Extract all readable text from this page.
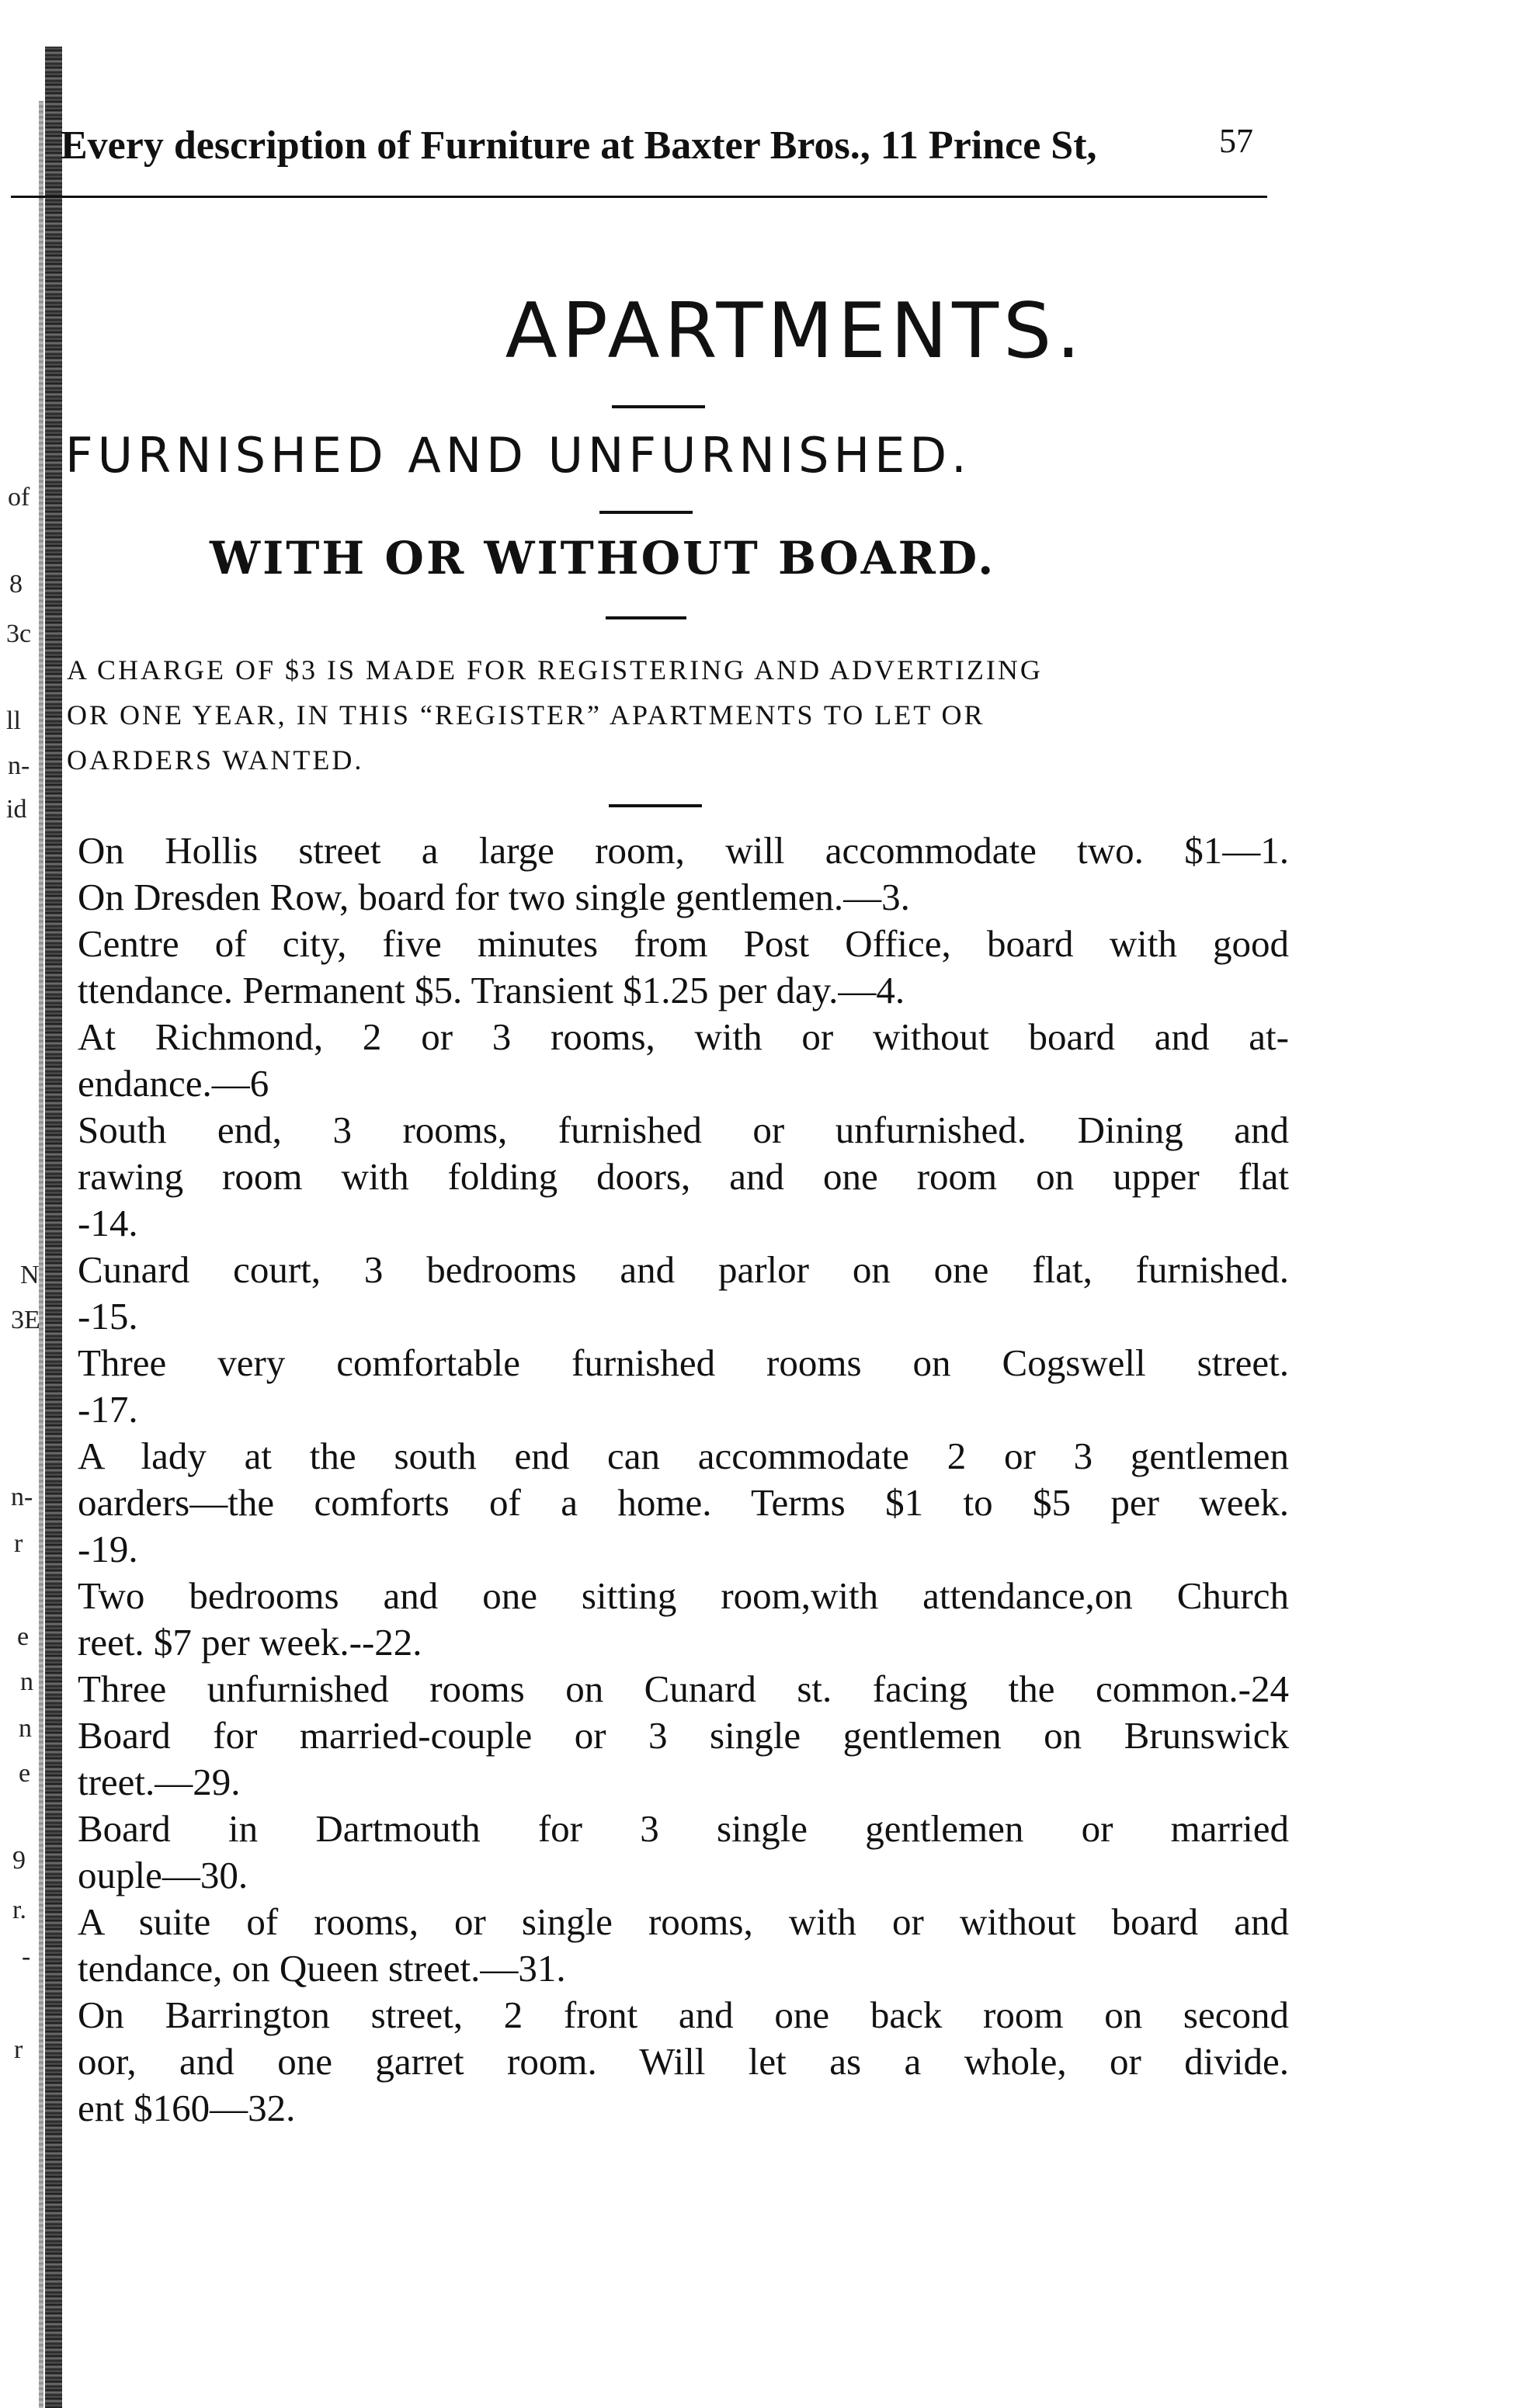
of
8
3c
ll
n-
id
N
3E
n-
r
e
n
n
e
9
r.
-
r
Every description of Furniture at Baxter Bros., 11 Prince St,	57
APARTMENTS.
FURNISHED AND UNFURNISHED.
WITH OR WITHOUT BOARD.
A CHARGE OF $3 IS MADE FOR REGISTERING AND ADVERTIZING
OR ONE YEAR, IN THIS “REGISTER” APARTMENTS TO LET OR
OARDERS WANTED.
On Hollis street a large room, will accommodate two. $1—1.
On Dresden Row, board for two single gentlemen.—3.
Centre of city, five minutes from Post Office, board with good
ttendance. Permanent $5. Transient $1.25 per day.—4.
At Richmond, 2 or 3 rooms, with or without board and at-
endance.—6
South end, 3 rooms, furnished or unfurnished. Dining and
rawing room with folding doors, and one room on upper flat
-14.
Cunard court, 3 bedrooms and parlor on one flat, furnished.
-15.
Three very comfortable furnished rooms on Cogswell street.
-17.
A lady at the south end can accommodate 2 or 3 gentlemen
oarders—the comforts of a home. Terms $1 to $5 per week.
-19.
Two bedrooms and one sitting room,with attendance,on Church
reet. $7 per week.--22.
Three unfurnished rooms on Cunard st. facing the common.-24
Board for married-couple or 3 single gentlemen on Brunswick
treet.—29.
Board in Dartmouth for 3 single gentlemen or married
ouple—30.
A suite of rooms, or single rooms, with or without board and
tendance, on Queen street.—31.
On Barrington street, 2 front and one back room on second
oor, and one garret room. Will let as a whole, or divide.
ent $160—32.
